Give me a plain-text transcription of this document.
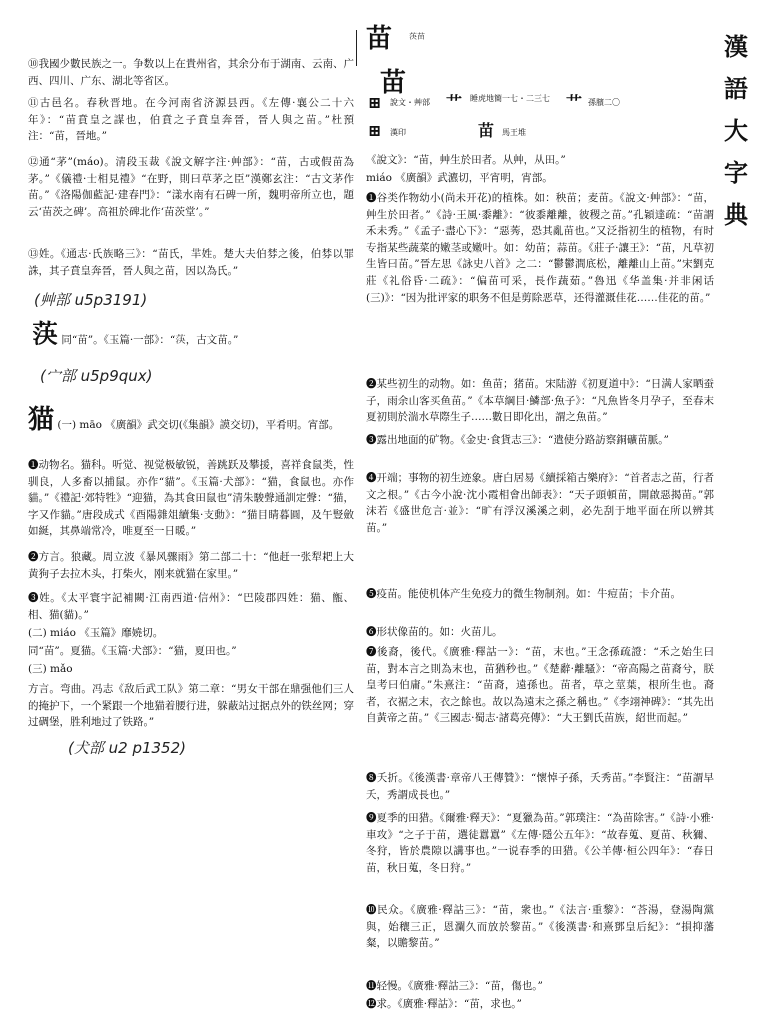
漢
語
大
字
典

⑩我國少數民族之一。争数以上在貴州省，其余分布于湖南、云南、广西、四川、广东、湖北等省区。

⑪古邑名。春秋晋地。在今河南省济源县西。《左傳·襄公二十六年》：“苗賁皇之謀也，伯賁之子賁皇奔晉，晉人與之苗。”杜預注：“苗，晉地。”

⑫通“茅”(máo)。清段玉裁《說文解字注·艸部》：“苗，古或假苗為茅。”《儀禮·士相見禮》“在野，則曰草茅之臣”漢鄭玄注：“古文茅作苗。”《洛陽伽藍記·建春門》：“漾水南有石碑一所，魏明帝所立也，題云‘苗茨之碑’。高祖於碑北作‘苗茨堂’。”

⑬姓。《通志·氏族略三》：“苗氏，羋姓。楚大夫伯棼之後，伯棼以罪誅，其子賁皇奔晉，晉人與之苗，因以為氏。”

(艸部 u5p3191)
𦯊 同“苗”。《玉篇·一部》：“𦯊，古文苗。”
(宀部 u5p9qux)
猫 (一) māo 《廣韻》武交切(《集韻》謨交切)，平肴明。宵部。

❶动物名。猫科。听觉、视觉极敏锐，善跳跃及攀援，喜祥食鼠类，性驯良，人多畜以捕鼠。亦作“貓”。《玉篇·犬部》：“猫，食鼠也。亦作貓。”《禮記·郊特牲》“迎猫，為其食田鼠也”清朱駿聲通訓定聲：“猫，字又作貓。”唐段成式《酉陽雜俎續集·支動》：“猫目睛暮圓，及午豎斂如綖，其鼻端常冷，唯夏至一日暖。”

❷方言。狼藏。周立波《暴风骤雨》第二部二十：“他赶一张犁耙上大黄狗子去拉木头，打柴火，刚来就猫在家里。”

❸姓。《太平寰宇記補闕·江南西道·信州》：“巴陵郡四姓：猫、甑、相、猫(貓)。”

(二) miáo 《玉篇》靡嬈切。

同“苗”。夏猫。《玉篇·犬部》：“猫，夏田也。”

(三) mǎo

方言。弯曲。冯志《敌后武工队》第二章：“男女干部在鼎强他们三人的掩护下，一个紧跟一个地猫着腰行进，躲蔽站过据点外的铁丝网；穿过碉堡，胜利地过了铁路。”

(犬部 u2 p1352)
苗 𦯊苗
苗
⊞ 說文・艸部 艹 睡虎地簡一七・二三七	艹 孫臏二〇
⊞ 漢印	苗 馬王堆

《說文》：“苗，艸生於田者。从艸，从田。”

miáo 《廣韻》武瀌切，平宵明，宵部。

❶谷类作物幼小(尚未开花)的植株。如：秧苗；麦苗。《說文·艸部》：“苗，艸生於田者。”《詩·王風·黍離》：“彼黍離離，彼稷之苗。”孔穎達疏：“苗謂禾未秀。”《孟子·盡心下》：“惡莠，恐其亂苗也。”又泛指初生的植物，有时专指某些蔬菜的嫩茎或嫩叶。如：幼苗；蒜苗。《莊子·讓王》：“苗，凡草初生皆曰苗。”晉左思《詠史八首》之二：“鬱鬱澗底松，離離山上苗。”宋劉克莊《礼俗昏·二疏》：“偏苗可采，長作蔬茹。”魯迅《华盖集·并非闲话(三)》：“因为批评家的职务不但是剪除恶草，还得灌溉佳花……佳花的苗。”

❷某些初生的动物。如：鱼苗；猪苗。宋陆游《初夏道中》：“日满人家晒蚕子，雨余山客买鱼苗。”《本草綱目·鱗部·魚子》：“凡魚皆冬月孕子，至春末夏初則於湍水草際生子……數日即化出，謂之魚苗。”

❸露出地面的矿物。《金史·食貨志三》：“遣使分路訪察銅礦苗脈。”

❹开端；事物的初生迹象。唐白居易《續採箱古樂府》：“首者志之苗，行者文之根。”《古今小說·沈小霞相會出師表》：“天子頭頓苗，開啟惡揭苗。”郭沫若《盛世危言·並》：“旷有浮汉溪溪之刺，必先刮于地平面在所以辨其苗。”

❺疫苗。能使机体产生免疫力的微生物制剂。如：牛痘苗；卡介苗。

❻形状像苗的。如：火苗儿。

❼後裔，後代。《廣雅·釋詁一》：“苗，末也。”王念孫疏證：“禾之始生曰苗，對本言之則為末也，苗猶秒也。”《楚辭·離騷》：“帝高陽之苗裔兮，朕皇考曰伯庸。”朱熹注：“苗裔，遠孫也。苗者，草之莖葉，根所生也。裔者，衣裾之末，衣之餘也。故以為遠末之孫之稱也。”《李翊神碑》：“其先出自黃帝之苗。”《三國志·蜀志·諸葛亮傳》：“大王劉氏苗族，紹世而起。”

❽夭折。《後漢書·章帝八王傳贊》：“懷悼子孫，夭秀苗。”李賢注：“苗謂早夭，秀謂成長也。”

❾夏季的田猎。《爾雅·釋天》：“夏獵為苗。”郭璞注：“為苗除害。”《詩·小雅·車攻》“之子于苗，選徒囂囂”《左傳·隱公五年》：“故春蒐、夏苗、秋獮、冬狩，皆於農隙以講事也。”一说春季的田猎。《公羊傳·桓公四年》：“春日苗，秋日蒐，冬日狩。”

❿民众。《廣雅·釋詁三》：“苗，衆也。”《法言·重黎》：“荅湯，登湯陶黨與，始穰三正，恩瀾久而放於黎苗。”《後漢書·和熹鄧皇后紀》：“損抑藩粲，以贍黎苗。”

⓫轻慢。《廣雅·釋詁三》：“苗，傷也。”

⓬求。《廣雅·釋詁》：“苗，求也。”
